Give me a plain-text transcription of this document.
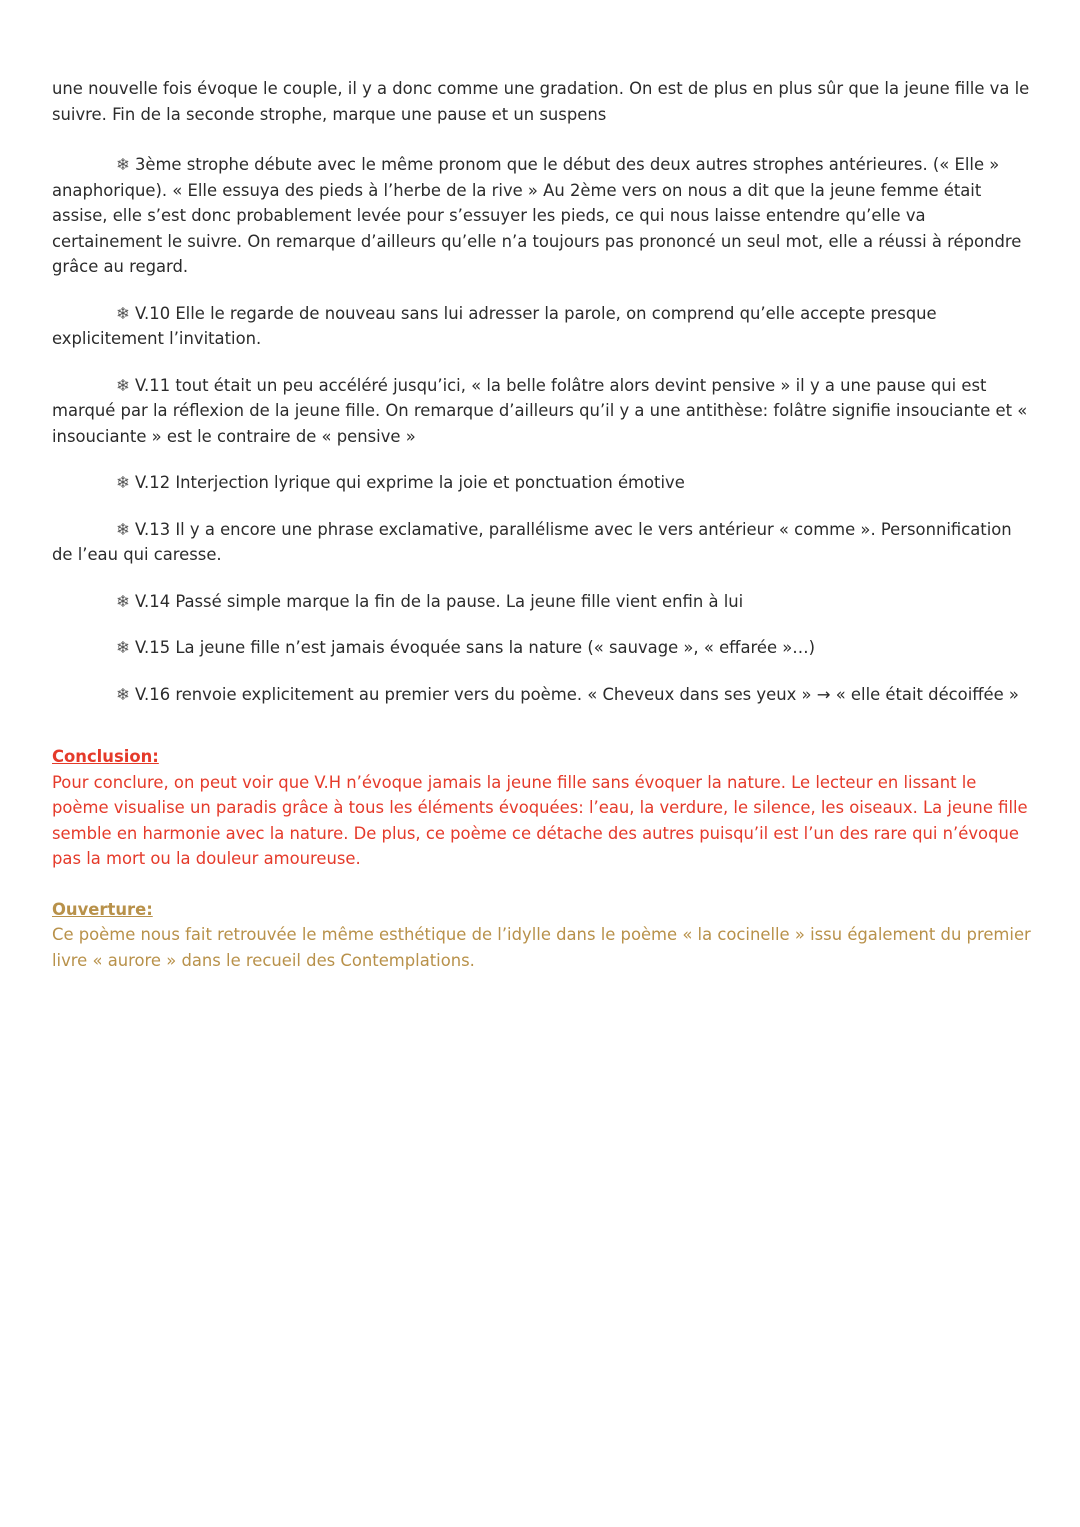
une nouvelle fois évoque le couple, il y a donc comme une gradation. On est de plus en plus sûr que la jeune fille va le suivre. Fin de la seconde strophe, marque une pause et un suspens

❄ 3ème strophe débute avec le même pronom que le début des deux autres strophes antérieures. (« Elle » anaphorique). « Elle essuya des pieds à l’herbe de la rive » Au 2ème vers on nous a dit que la jeune femme était assise, elle s’est donc probablement levée pour s’essuyer les pieds, ce qui nous laisse entendre qu’elle va certainement le suivre. On remarque d’ailleurs qu’elle n’a toujours pas prononcé un seul mot, elle a réussi à répondre grâce au regard.

❄ V.10 Elle le regarde de nouveau sans lui adresser la parole, on comprend qu’elle accepte presque explicitement l’invitation.

❄ V.11 tout était un peu accéléré jusqu’ici, « la belle folâtre alors devint pensive » il y a une pause qui est marqué par la réflexion de la jeune fille. On remarque d’ailleurs qu’il y a une antithèse: folâtre signifie insouciante et « insouciante » est le contraire de « pensive »

❄ V.12 Interjection lyrique qui exprime la joie et ponctuation émotive

❄ V.13 Il y a encore une phrase exclamative, parallélisme avec le vers antérieur « comme ». Personnification de l’eau qui caresse.

❄ V.14 Passé simple marque la fin de la pause. La jeune fille vient enfin à lui

❄ V.15 La jeune fille n’est jamais évoquée sans la nature (« sauvage », « effarée »…)

❄ V.16 renvoie explicitement au premier vers du poème. « Cheveux dans ses yeux » → « elle était décoiffée »

Conclusion:

Pour conclure, on peut voir que V.H n’évoque jamais la jeune fille sans évoquer la nature. Le lecteur en lissant le poème visualise un paradis grâce à tous les éléments évoquées: l’eau, la verdure, le silence, les oiseaux. La jeune fille semble en harmonie avec la nature. De plus, ce poème ce détache des autres puisqu’il est l’un des rare qui n’évoque pas la mort ou la douleur amoureuse.

Ouverture:

Ce poème nous fait retrouvée le même esthétique de l’idylle dans le poème « la cocinelle » issu également du premier livre « aurore » dans le recueil des Contemplations.
